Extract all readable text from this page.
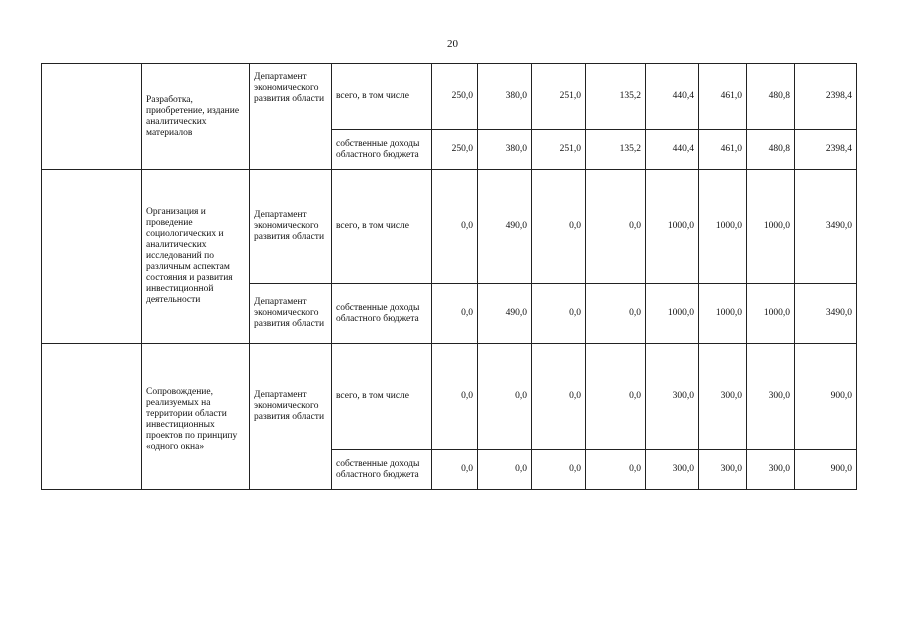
20
	Разработка, приобретение, издание аналитических материалов	Департамент экономического развития области	всего, в том числе	250,0	380,0	251,0	135,2	440,4	461,0	480,8	2398,4
			собственные доходы областного бюджета	250,0	380,0	251,0	135,2	440,4	461,0	480,8	2398,4
	Организация и проведение социологических и аналитических исследований по различным аспектам состояния и развития инвестиционной деятельности	Департамент экономического развития области	всего, в том числе	0,0	490,0	0,0	0,0	1000,0	1000,0	1000,0	3490,0
		Департамент экономического развития области	собственные доходы областного бюджета	0,0	490,0	0,0	0,0	1000,0	1000,0	1000,0	3490,0
	Сопровождение, реализуемых на территории области инвестиционных проектов по принципу «одного окна»	Департамент экономического развития области	всего, в том числе	0,0	0,0	0,0	0,0	300,0	300,0	300,0	900,0
			собственные доходы областного бюджета	0,0	0,0	0,0	0,0	300,0	300,0	300,0	900,0
